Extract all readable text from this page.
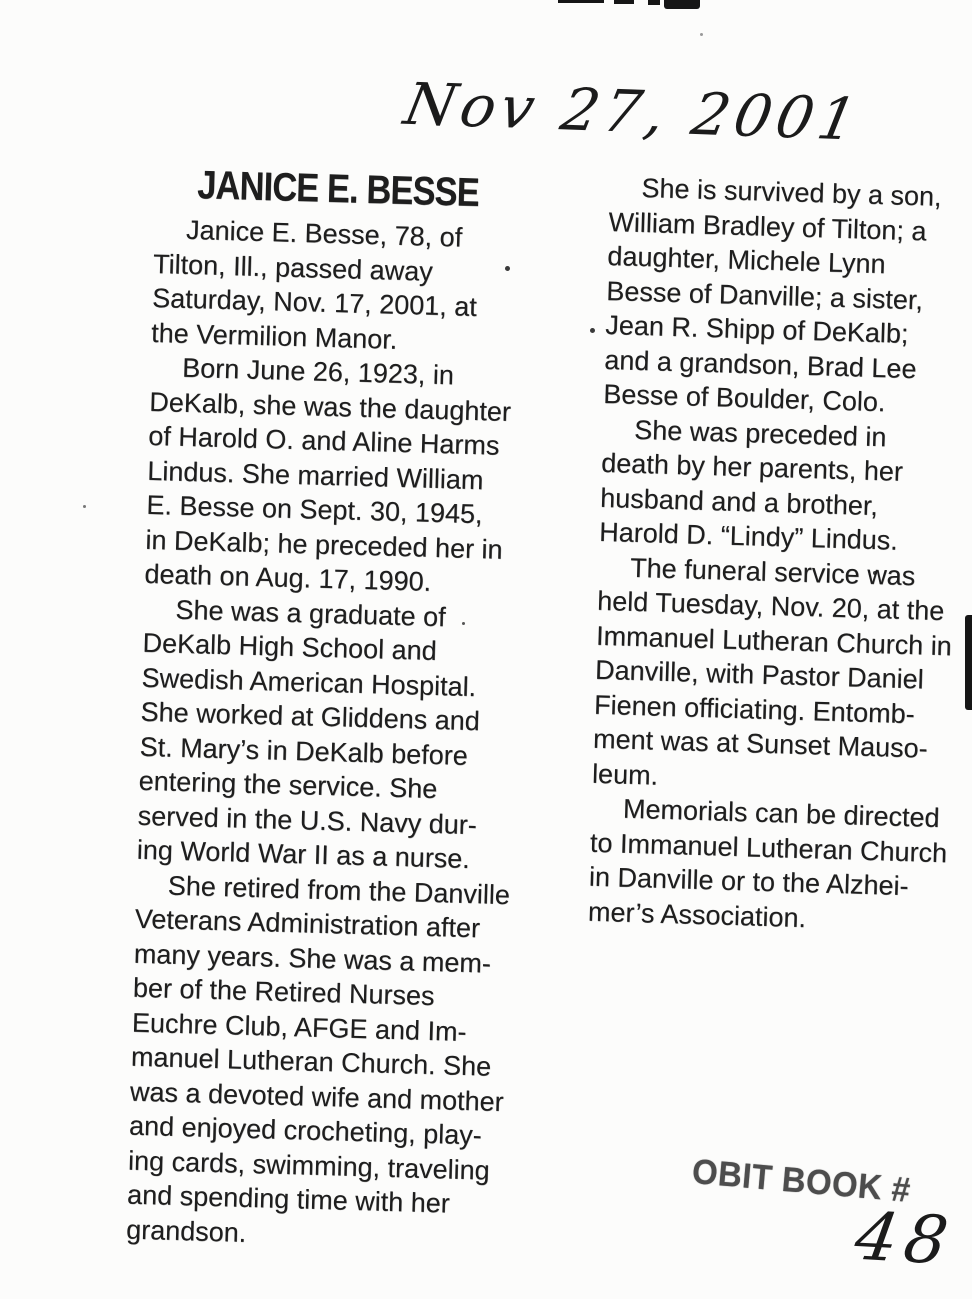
Nov 27, 2001
JANICE E. BESSE

Janice E. Besse, 78, of
Tilton, Ill., passed away
Saturday, Nov. 17, 2001, at
the Vermilion Manor.

Born June 26, 1923, in
DeKalb, she was the daughter
of Harold O. and Aline Harms
Lindus. She married William
E. Besse on Sept. 30, 1945,
in DeKalb; he preceded her in
death on Aug. 17, 1990.

She was a graduate of
DeKalb High School and
Swedish American Hospital.
She worked at Gliddens and
St. Mary’s in DeKalb before
entering the service. She
served in the U.S. Navy dur-
ing World War II as a nurse.

She retired from the Danville
Veterans Administration after
many years. She was a mem-
ber of the Retired Nurses
Euchre Club, AFGE and Im-
manuel Lutheran Church. She
was a devoted wife and mother
and enjoyed crocheting, play-
ing cards, swimming, traveling
and spending time with her
grandson.

She is survived by a son,
William Bradley of Tilton; a
daughter, Michele Lynn
Besse of Danville; a sister,
Jean R. Shipp of DeKalb;
and a grandson, Brad Lee
Besse of Boulder, Colo.

She was preceded in
death by her parents, her
husband and a brother,
Harold D. “Lindy” Lindus.

The funeral service was
held Tuesday, Nov. 20, at the
Immanuel Lutheran Church in
Danville, with Pastor Daniel
Fienen officiating. Entomb-
ment was at Sunset Mauso-
leum.

Memorials can be directed
to Immanuel Lutheran Church
in Danville or to the Alzhei-
mer’s Association.

OBIT BOOK #
48
